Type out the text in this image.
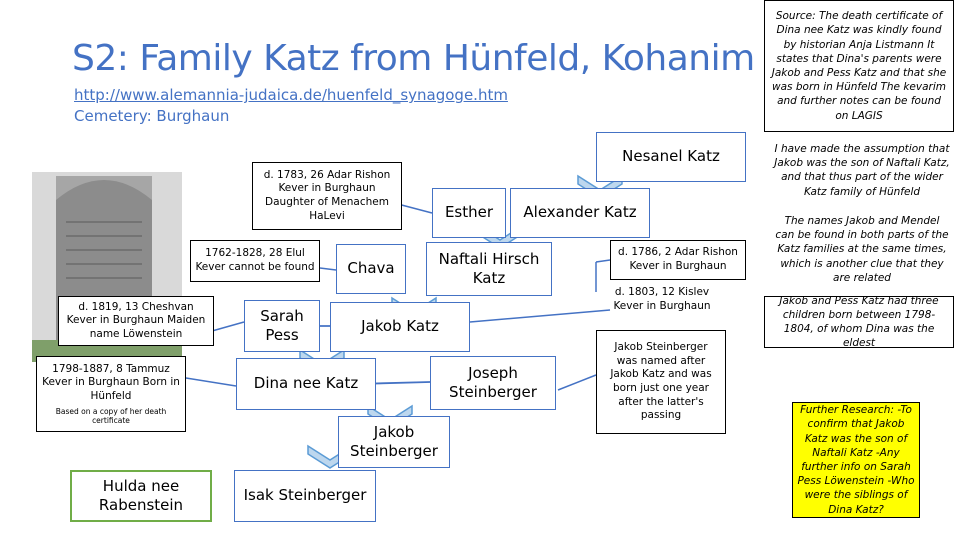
S2: Family Katz from Hünfeld, Kohanim
http://www.alemannia-judaica.de/huenfeld_synagoge.htm
Cemetery: Burghaun
Source: The death certificate of Dina nee Katz was kindly found by historian Anja Listmann It states that Dina's parents were Jakob and Pess Katz and that she was born in Hünfeld The kevarim and further notes can be found on LAGIS
I have made the assumption that Jakob was the son of Naftali Katz, and that thus part of the wider Katz family of Hünfeld
The names Jakob and Mendel can be found in both parts of the Katz families at the same times, which is another clue that they are related
Jakob and Pess Katz had three children born between 1798-1804, of whom Dina was the eldest
Further Research: -To confirm that Jakob Katz was the son of Naftali Katz -Any further info on Sarah Pess Löwenstein -Who were the siblings of Dina Katz?
Nesanel Katz
d. 1783, 26 Adar Rishon Kever in Burghaun Daughter of Menachem HaLevi	Esther Alexander Katz
1762-1828, 28 Elul Kever cannot be found Chava
Naftali Hirsch Katz
d. 1786, 2 Adar Rishon Kever in Burghaun
d. 1803, 12 Kislev Kever in Burghaun
d. 1819, 13 Cheshvan Kever in Burghaun Maiden name Löwenstein
Sarah Pess	Jakob Katz
Jakob Steinberger was named after Jakob Katz and was born just one year after the latter's passing
1798-1887, 8 Tammuz Kever in Burghaun Born in Hünfeld
Based on a copy of her death certificate
Dina nee Katz
Joseph Steinberger
Jakob Steinberger
Hulda nee Rabenstein
Isak Steinberger
